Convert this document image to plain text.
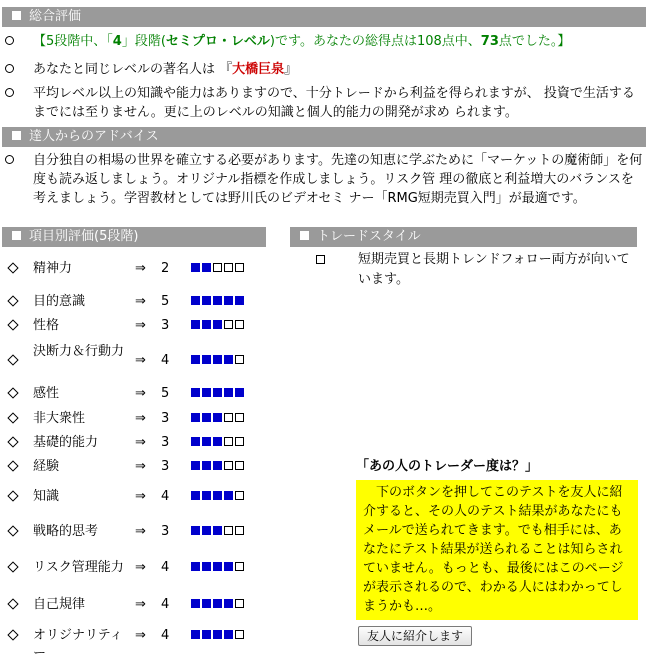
総合評価
【5段階中、「4」段階(セミプロ・レベル)です。あなたの総得点は108点中、73点でした。】
あなたと同じレベルの著名人は 『大橋巨泉』
平均レベル以上の知識や能力はありますので、十分トレードから利益を得られますが、 投資で生活するまでには至りません。更に上のレベルの知識と個人的能力の開発が求め られます。
達人からのアドバイス
自分独自の相場の世界を確立する必要があります。先達の知恵に学ぶために「マーケットの魔術師」を何度も読み返しましょう。オリジナル指標を作成しましょう。リスク管 理の徹底と利益増大のバランスを考えましょう。学習教材としては野川氏のビデオセミ ナー「RMG短期売買入門」が最適です。
項目別評価(5段階)	トレードスタイル
精神力	⇒ 2
目的意識	⇒ 5
性格	⇒ 3
決断力＆行動力
⇒ 4
感性	⇒ 5
非大衆性	⇒ 3
基礎的能力	⇒ 3
経験	⇒ 3
知識	⇒ 4
戦略的思考	⇒ 3
リスク管理能力 ⇒ 4
自己規律	⇒ 4
オリジナリティー
⇒ 4
短期売買と長期トレンドフォロー両方が向いています。
「あの人のトレーダー度は？」
下のボタンを押してこのテストを友人に紹介すると、その人のテスト結果があなたにもメールで送られてきます。でも相手には、あなたにテスト結果が送られることは知らされていません。もっとも、最後にはこのページが表示されるので、わかる人にはわかってしまうかも…。
友人に紹介します
